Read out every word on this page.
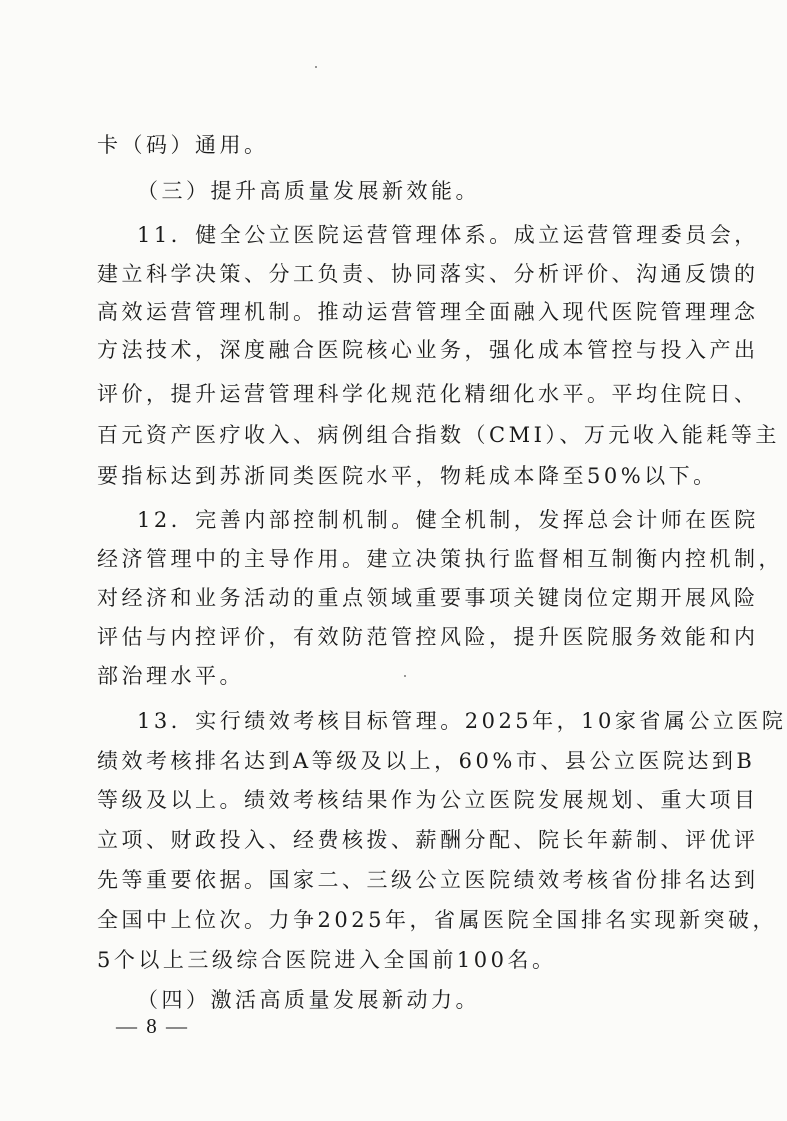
卡（码）通用。
（三）提升高质量发展新效能。
11．健全公立医院运营管理体系。成立运营管理委员会，
建立科学决策、分工负责、协同落实、分析评价、沟通反馈的
高效运营管理机制。推动运营管理全面融入现代医院管理理念
方法技术，深度融合医院核心业务，强化成本管控与投入产出
评价，提升运营管理科学化规范化精细化水平。平均住院日、
百元资产医疗收入、病例组合指数（CMI）、万元收入能耗等主
要指标达到苏浙同类医院水平，物耗成本降至50%以下。
12．完善内部控制机制。健全机制，发挥总会计师在医院
经济管理中的主导作用。建立决策执行监督相互制衡内控机制，
对经济和业务活动的重点领域重要事项关键岗位定期开展风险
评估与内控评价，有效防范管控风险，提升医院服务效能和内
部治理水平。
13．实行绩效考核目标管理。2025年，10家省属公立医院
绩效考核排名达到A等级及以上，60%市、县公立医院达到B
等级及以上。绩效考核结果作为公立医院发展规划、重大项目
立项、财政投入、经费核拨、薪酬分配、院长年薪制、评优评
先等重要依据。国家二、三级公立医院绩效考核省份排名达到
全国中上位次。力争2025年，省属医院全国排名实现新突破，
5个以上三级综合医院进入全国前100名。
（四）激活高质量发展新动力。
— 8 —
